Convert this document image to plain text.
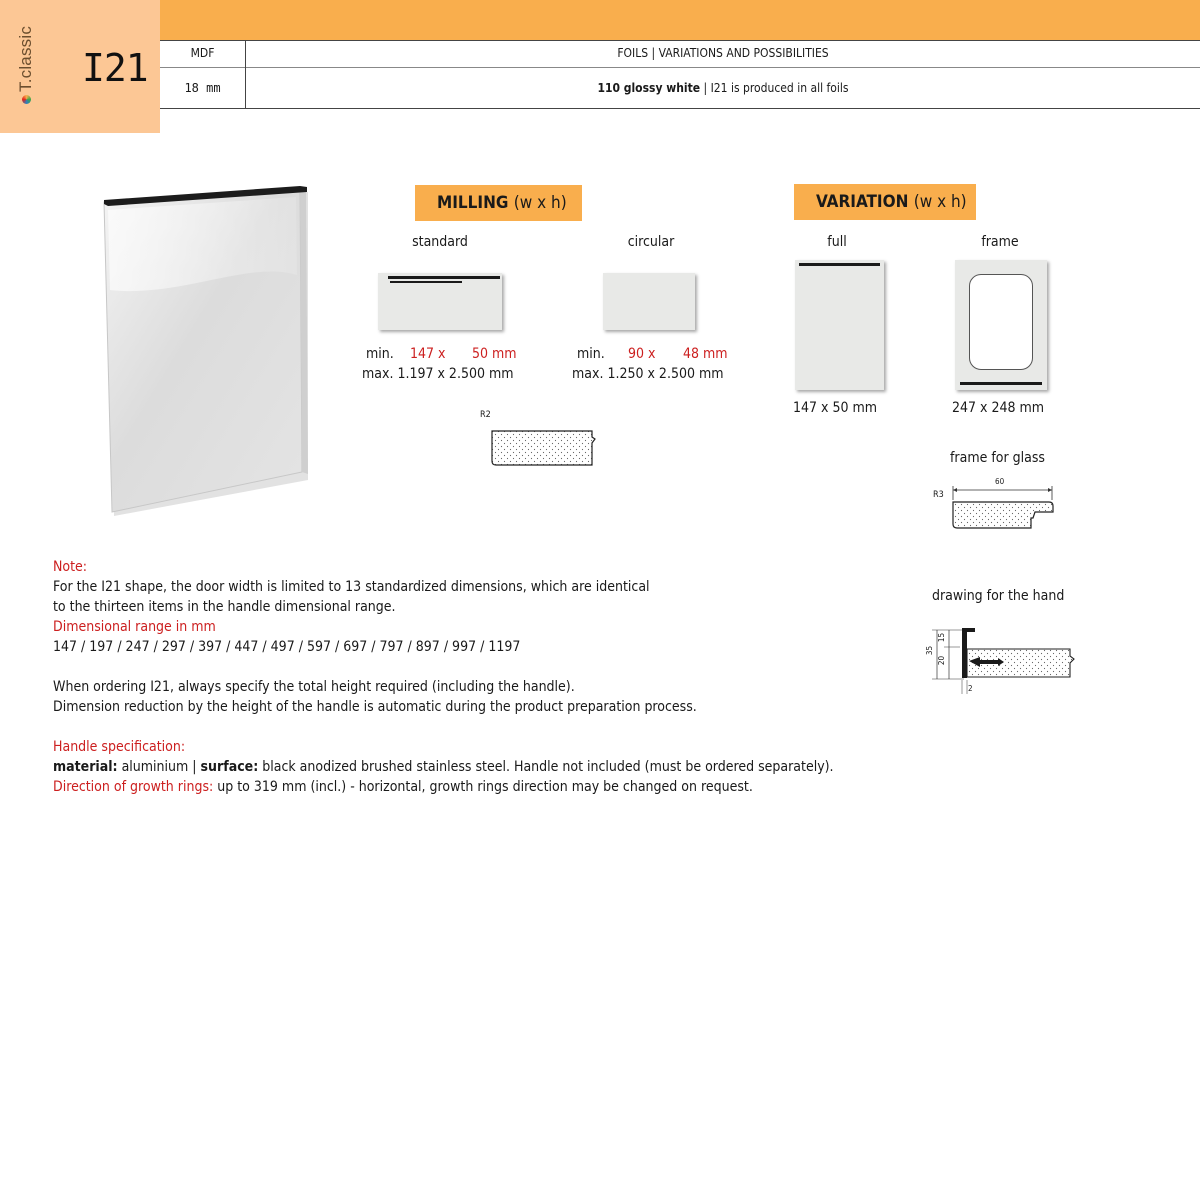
T.classic I21	MDF	FOILS | VARIATIONS AND POSSIBILITIES
18 mm	110 glossy white | I21 is produced in all foils
MILLING (w x h)
standard	circular
min. 147 x 50 mm
max. 1.197 x 2.500 mm
min. 90 x 48 mm
max. 1.250 x 2.500 mm
R2
VARIATION (w x h)
full	frame
147 x 50 mm	247 x 248 mm
frame for glass
R3
60
drawing for the hand
35
15
20
2

Note:

For the I21 shape, the door width is limited to 13 standardized dimensions, which are identical

to the thirteen items in the handle dimensional range.

Dimensional range in mm

147 / 197 / 247 / 297 / 397 / 447 / 497 / 597 / 697 / 797 / 897 / 997 / 1197

When ordering I21, always specify the total height required (including the handle).

Dimension reduction by the height of the handle is automatic during the product preparation process.

Handle specification:

material: aluminium | surface: black anodized brushed stainless steel. Handle not included (must be ordered separately).

Direction of growth rings: up to 319 mm (incl.) - horizontal, growth rings direction may be changed on request.
